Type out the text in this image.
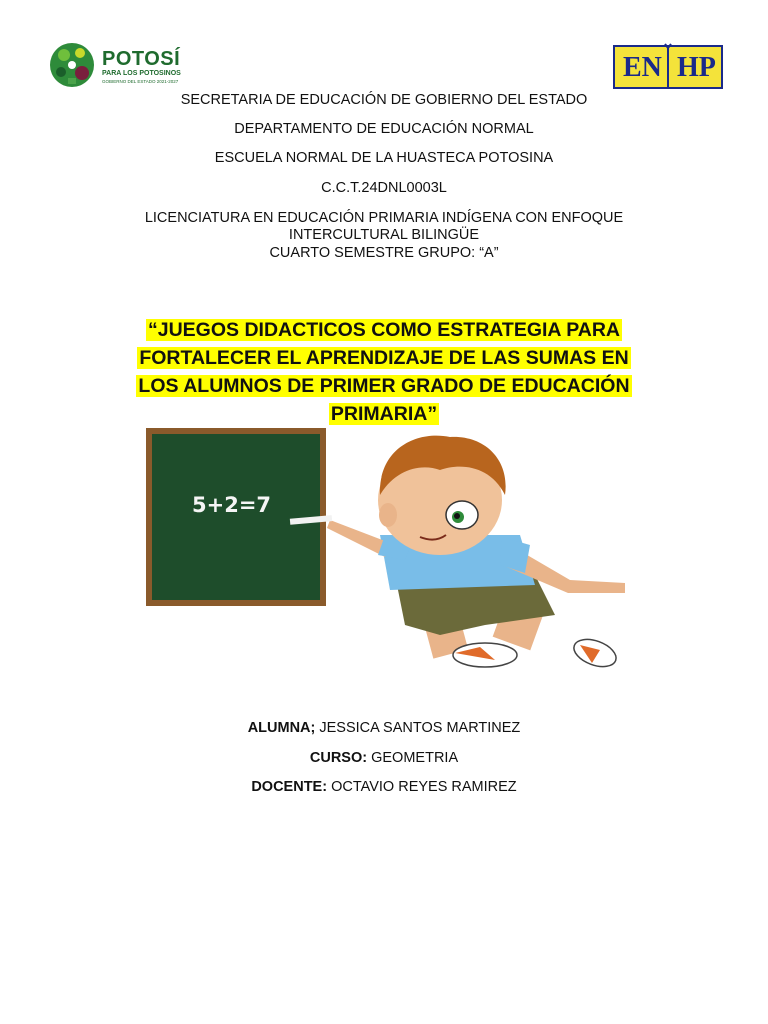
POTOSÍ
PARA LOS POTOSINOS
GOBIERNO DEL ESTADO 2021-2027	EN HP
SECRETARIA DE EDUCACIÓN DE GOBIERNO DEL ESTADO
DEPARTAMENTO DE EDUCACIÓN NORMAL
ESCUELA NORMAL DE LA HUASTECA POTOSINA
C.C.T.24DNL0003L
LICENCIATURA EN EDUCACIÓN PRIMARIA INDÍGENA CON ENFOQUE
INTERCULTURAL BILINGÜE
CUARTO SEMESTRE GRUPO: “A”
“JUEGOS DIDACTICOS COMO ESTRATEGIA PARA
FORTALECER EL APRENDIZAJE DE LAS SUMAS EN
LOS ALUMNOS DE PRIMER GRADO DE EDUCACIÓN
PRIMARIA”
5+2=7
ALUMNA; JESSICA SANTOS MARTINEZ
CURSO: GEOMETRIA
DOCENTE: OCTAVIO REYES RAMIREZ
